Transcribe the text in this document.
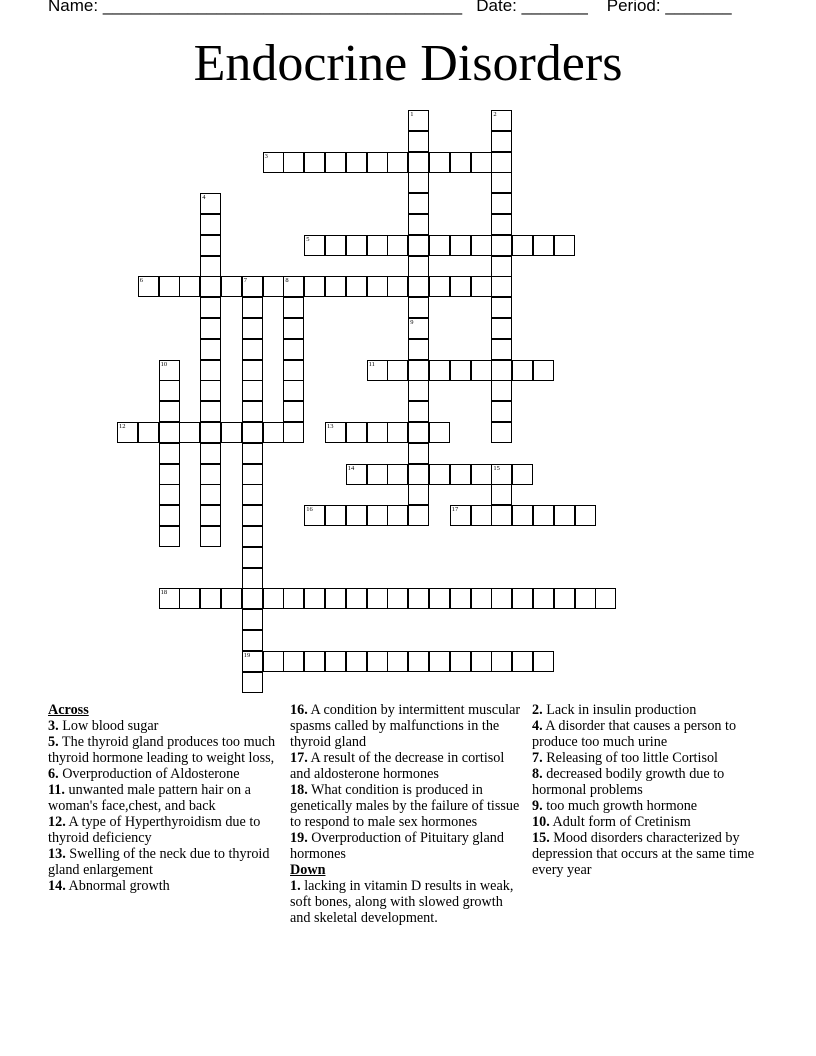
Name: ______________________________________ Date: _______ Period: _______
Endocrine Disorders
1
9
2
3
4
5
6	7	8
19
10	11
12	13
14	15
16	17
18
Across
3. Low blood sugar
5. The thyroid gland produces too much thyroid hormone leading to weight loss,
6. Overproduction of Aldosterone
11. unwanted male pattern hair on a woman's face,chest, and back
12. A type of Hyperthyroidism due to thyroid deficiency
13. Swelling of the neck due to thyroid gland enlargement
14. Abnormal growth
16. A condition by intermittent muscular spasms called by malfunctions in the thyroid gland
17. A result of the decrease in cortisol and aldosterone hormones
18. What condition is produced in genetically males by the failure of tissue to respond to male sex hormones
19. Overproduction of Pituitary gland hormones
Down
1. lacking in vitamin D results in weak, soft bones, along with slowed growth and skeletal development.
2. Lack in insulin production
4. A disorder that causes a person to produce too much urine
7. Releasing of too little Cortisol
8. decreased bodily growth due to hormonal problems
9. too much growth hormone
10. Adult form of Cretinism
15. Mood disorders characterized by depression that occurs at the same time every year
